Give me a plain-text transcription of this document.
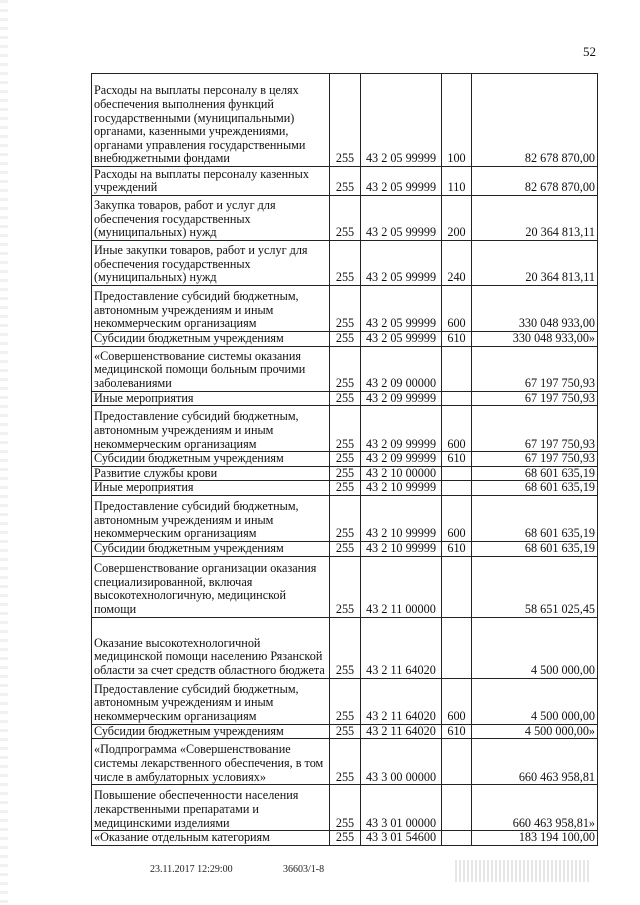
52
Расходы на выплаты персоналу в целях обеспечения выполнения функций государственными (муниципальными) органами, казенными учреждениями, органами управления государственными внебюджетными фондами	255	43 2 05 99999	100	82 678 870,00
Расходы на выплаты персоналу казенных учреждений	255	43 2 05 99999	110	82 678 870,00
Закупка товаров, работ и услуг для обеспечения государственных (муниципальных) нужд	255	43 2 05 99999	200	20 364 813,11
Иные закупки товаров, работ и услуг для обеспечения государственных (муниципальных) нужд	255	43 2 05 99999	240	20 364 813,11
Предоставление субсидий бюджетным, автономным учреждениям и иным некоммерческим организациям	255	43 2 05 99999	600	330 048 933,00
Субсидии бюджетным учреждениям	255	43 2 05 99999	610	330 048 933,00»
«Совершенствование системы оказания медицинской помощи больным прочими заболеваниями	255	43 2 09 00000		67 197 750,93
Иные мероприятия	255	43 2 09 99999		67 197 750,93
Предоставление субсидий бюджетным, автономным учреждениям и иным некоммерческим организациям	255	43 2 09 99999	600	67 197 750,93
Субсидии бюджетным учреждениям	255	43 2 09 99999	610	67 197 750,93
Развитие службы крови	255	43 2 10 00000		68 601 635,19
Иные мероприятия	255	43 2 10 99999		68 601 635,19
Предоставление субсидий бюджетным, автономным учреждениям и иным некоммерческим организациям	255	43 2 10 99999	600	68 601 635,19
Субсидии бюджетным учреждениям	255	43 2 10 99999	610	68 601 635,19
Совершенствование организации оказания специализированной, включая высокотехнологичную, медицинской помощи	255	43 2 11 00000		58 651 025,45
Оказание высокотехнологичной медицинской помощи населению Рязанской области за счет средств областного бюджета	255	43 2 11 64020		4 500 000,00
Предоставление субсидий бюджетным, автономным учреждениям и иным некоммерческим организациям	255	43 2 11 64020	600	4 500 000,00
Субсидии бюджетным учреждениям	255	43 2 11 64020	610	4 500 000,00»
«Подпрограмма «Совершенствование системы лекарственного обеспечения, в том числе в амбулаторных условиях»	255	43 3 00 00000		660 463 958,81
Повышение обеспеченности населения лекарственными препаратами и медицинскими изделиями	255	43 3 01 00000		660 463 958,81»
«Оказание отдельным категориям	255	43 3 01 54600		183 194 100,00
23.11.2017 12:29:00	36603/1-8
